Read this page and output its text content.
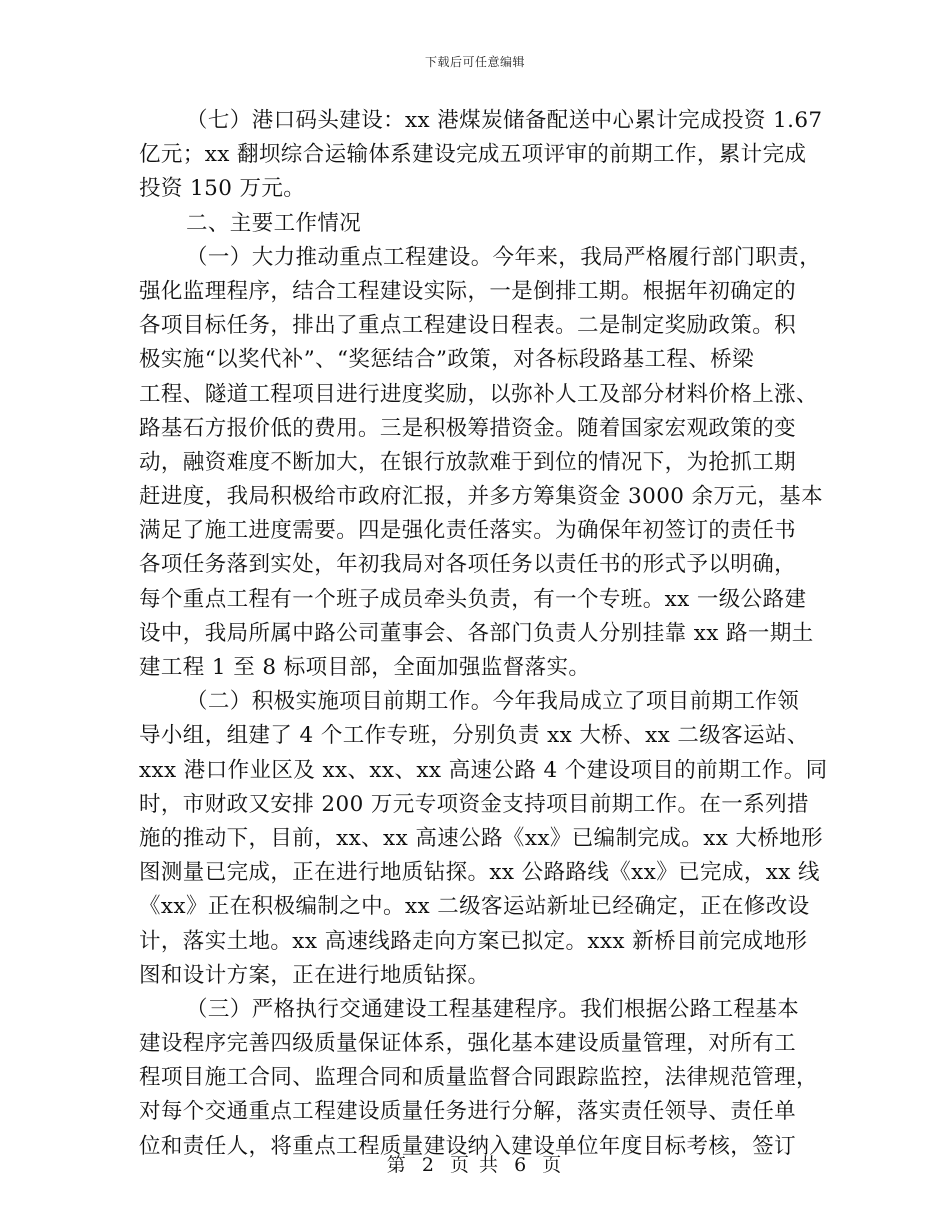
下载后可任意编辑
（七）港口码头建设：xx 港煤炭储备配送中心累计完成投资 1.67
亿元；xx 翻坝综合运输体系建设完成五项评审的前期工作，累计完成
投资 150 万元。
二、主要工作情况
（一）大力推动重点工程建设。今年来，我局严格履行部门职责，
强化监理程序，结合工程建设实际，一是倒排工期。根据年初确定的
各项目标任务，排出了重点工程建设日程表。二是制定奖励政策。积
极实施“以奖代补”、“奖惩结合”政策，对各标段路基工程、桥梁
工程、隧道工程项目进行进度奖励，以弥补人工及部分材料价格上涨、
路基石方报价低的费用。三是积极筹措资金。随着国家宏观政策的变
动，融资难度不断加大，在银行放款难于到位的情况下，为抢抓工期
赶进度，我局积极给市政府汇报，并多方筹集资金 3000 余万元，基本
满足了施工进度需要。四是强化责任落实。为确保年初签订的责任书
各项任务落到实处，年初我局对各项任务以责任书的形式予以明确，
每个重点工程有一个班子成员牵头负责，有一个专班。xx 一级公路建
设中，我局所属中路公司董事会、各部门负责人分别挂靠 xx 路一期土
建工程 1 至 8 标项目部，全面加强监督落实。
（二）积极实施项目前期工作。今年我局成立了项目前期工作领
导小组，组建了 4 个工作专班，分别负责 xx 大桥、xx 二级客运站、
xxx 港口作业区及 xx、xx、xx 高速公路 4 个建设项目的前期工作。同
时，市财政又安排 200 万元专项资金支持项目前期工作。在一系列措
施的推动下，目前，xx、xx 高速公路《xx》已编制完成。xx 大桥地形
图测量已完成，正在进行地质钻探。xx 公路路线《xx》已完成，xx 线
《xx》正在积极编制之中。xx 二级客运站新址已经确定，正在修改设
计，落实土地。xx 高速线路走向方案已拟定。xxx 新桥目前完成地形
图和设计方案，正在进行地质钻探。
（三）严格执行交通建设工程基建程序。我们根据公路工程基本
建设程序完善四级质量保证体系，强化基本建设质量管理，对所有工
程项目施工合同、监理合同和质量监督合同跟踪监控，法律规范管理，
对每个交通重点工程建设质量任务进行分解，落实责任领导、责任单
位和责任人，将重点工程质量建设纳入建设单位年度目标考核，签订
第 2 页 共 6 页
